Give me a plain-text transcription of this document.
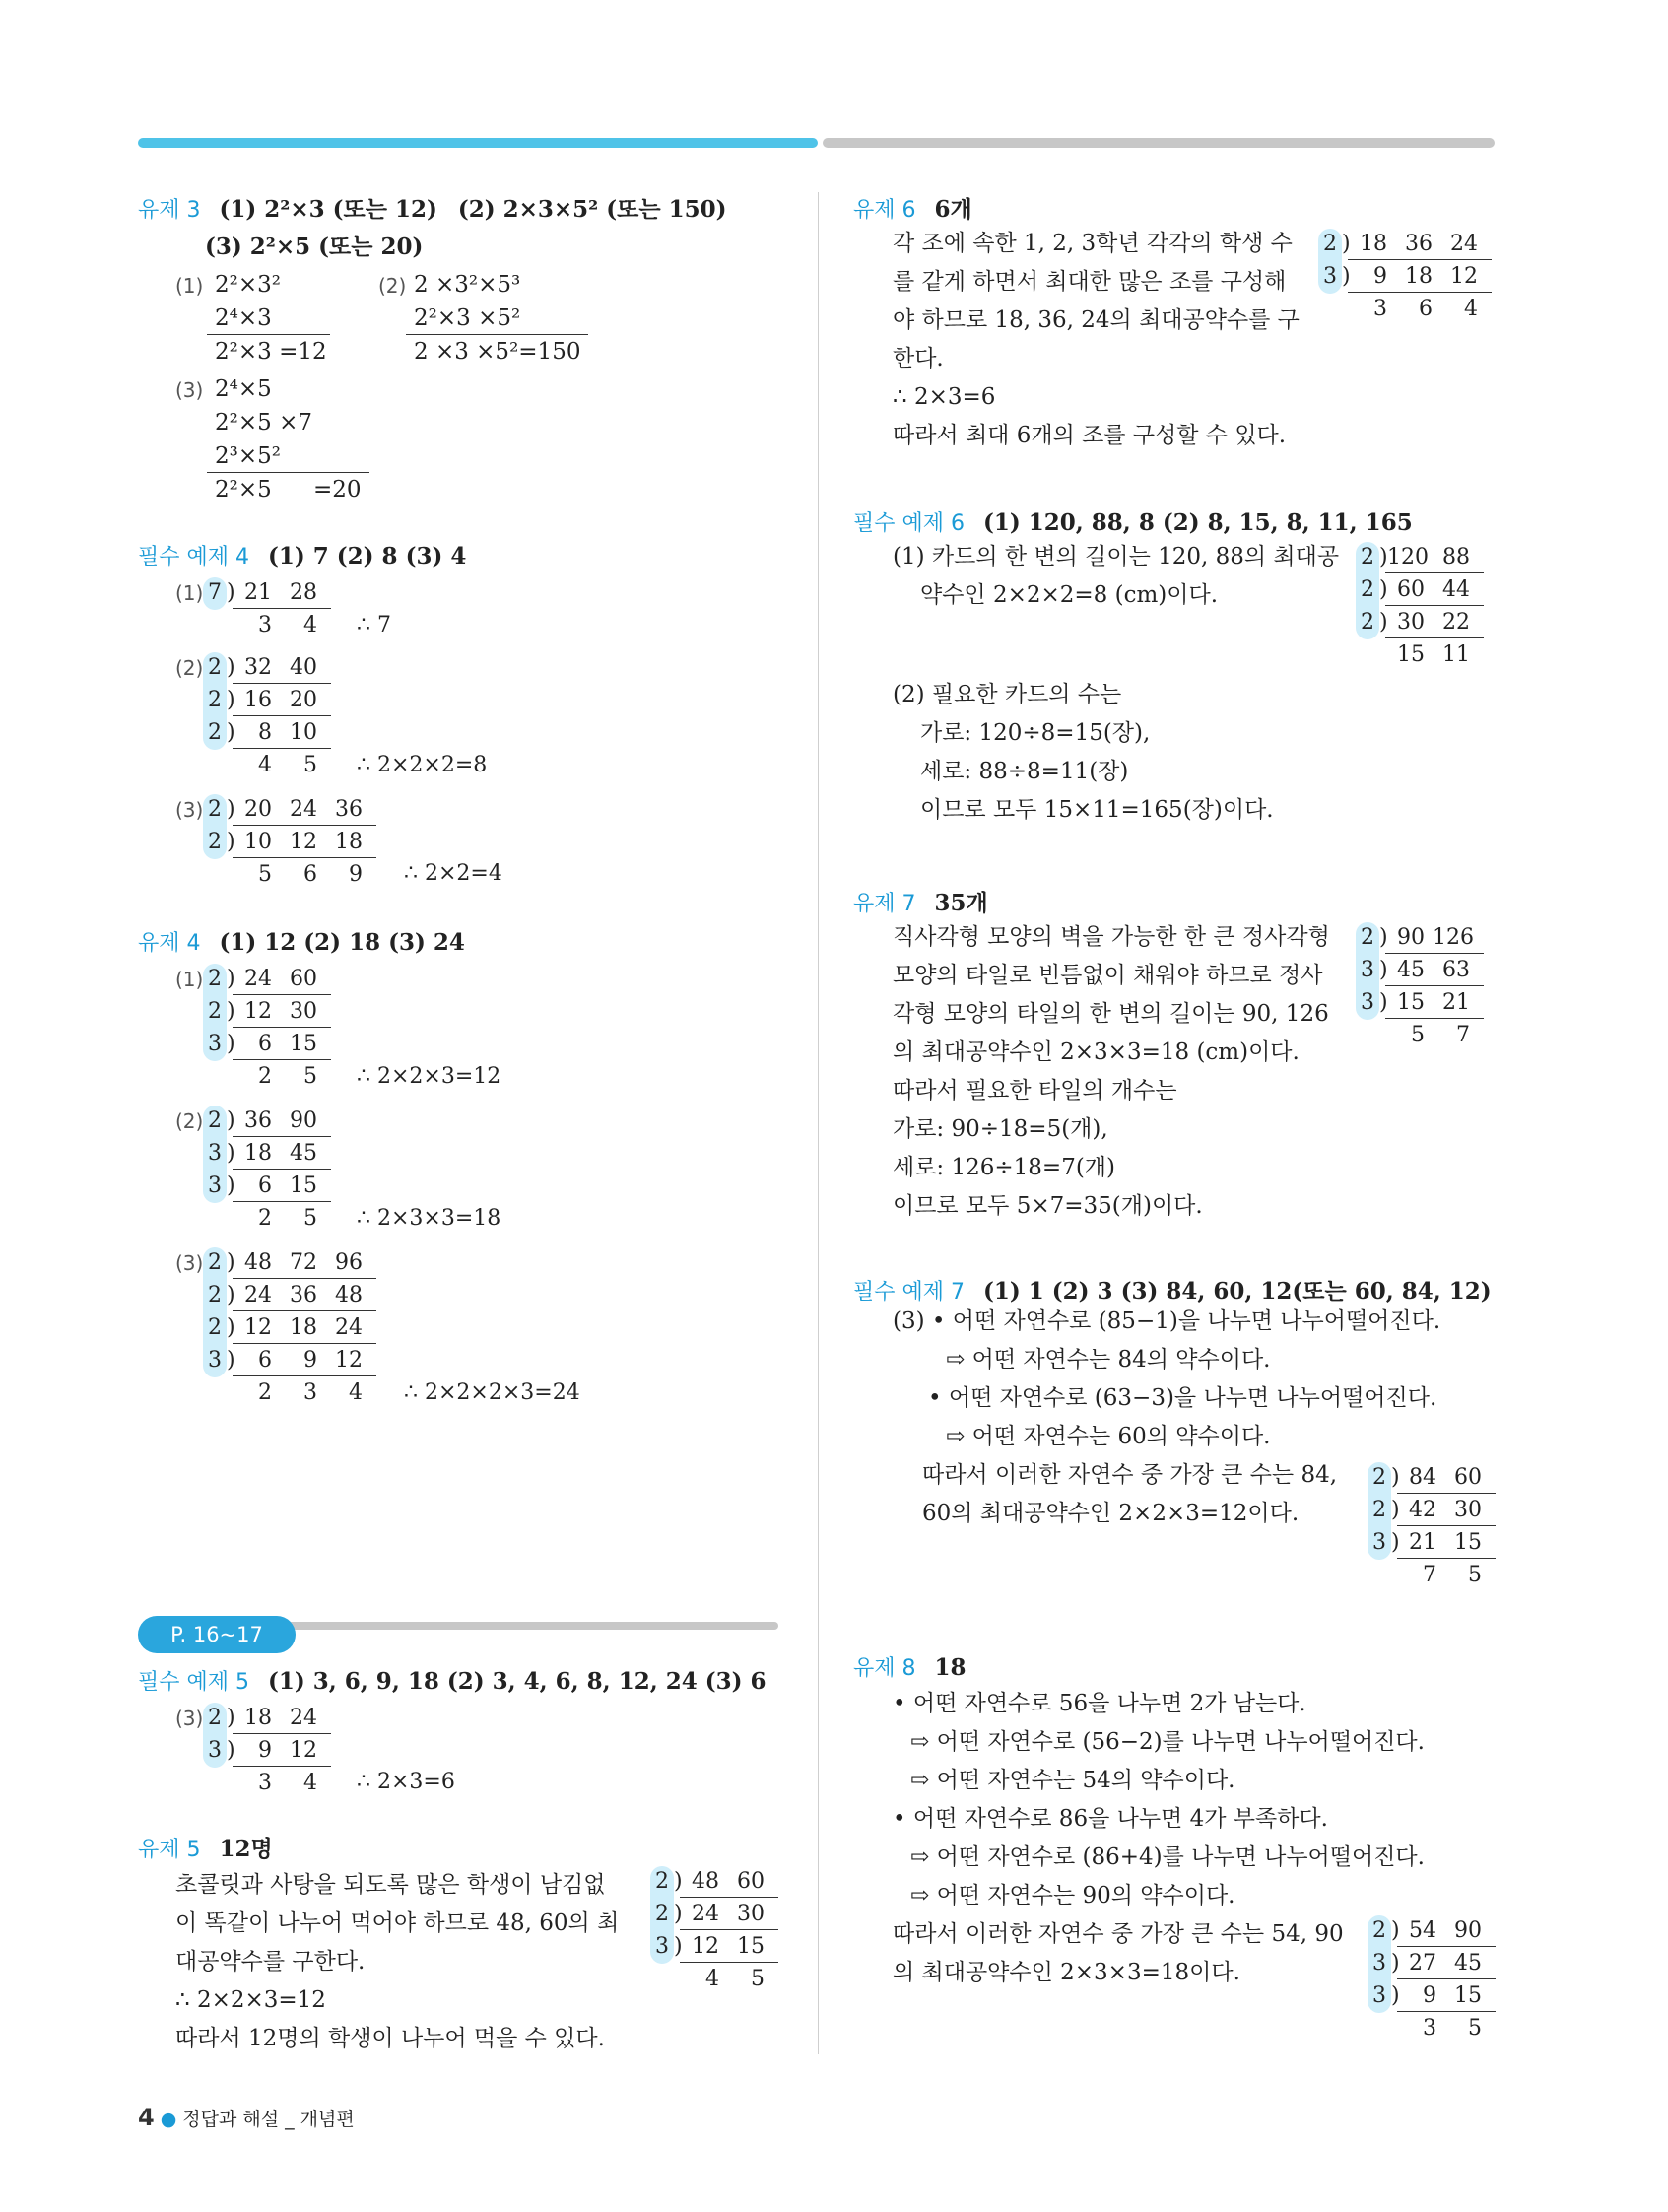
유제 3 (1) 2²×3 (또는 12) (2) 2×3×5² (또는 150)
(3) 2²×5 (또는 20)
(1) 2²×3²
2⁴×3
2²×3 =12
(2) 2 ×3²×5³
2²×3 ×5²
2 ×3 ×5²=150
(3) 2⁴×5
2²×5 ×7
2³×5²
2²×5 =20
필수 예제 4 (1) 7 (2) 8 (3) 4
(1) 7 ) 21 28
3	4 ∴ 7
(2) 2 ) 32 40
2 ) 16 20
2 )	8 10
4	5 ∴ 2×2×2=8
(3) 2 ) 20 24 36
2 ) 10 12 18
5	6	9 ∴ 2×2=4
유제 4 (1) 12 (2) 18 (3) 24
(1) 2 ) 24 60
2 ) 12 30
3 )	6 15
2	5 ∴ 2×2×3=12
(2) 2 ) 36 90
3 ) 18 45
3 )	6 15
2	5 ∴ 2×3×3=18
(3) 2 ) 48 72 96
2 ) 24 36 48
2 ) 12 18 24
3 )	6	9 12
2	3	4 ∴ 2×2×2×3=24
P. 16~17
필수 예제 5 (1) 3, 6, 9, 18 (2) 3, 4, 6, 8, 12, 24 (3) 6
(3) 2 ) 18 24
3 )	9 12
3	4 ∴ 2×3=6
유제 5 12명
초콜릿과 사탕을 되도록 많은 학생이 남김없
이 똑같이 나누어 먹어야 하므로 48, 60의 최
대공약수를 구한다.
∴ 2×2×3=12
따라서 12명의 학생이 나누어 먹을 수 있다.
2 ) 48 60
2 ) 24 30
3 ) 12 15
4	5
유제 6 6개
각 조에 속한 1, 2, 3학년 각각의 학생 수
를 같게 하면서 최대한 많은 조를 구성해
야 하므로 18, 36, 24의 최대공약수를 구
한다.
∴ 2×3=6
따라서 최대 6개의 조를 구성할 수 있다.
2 ) 18 36 24
3 )	9 18 12
3	6	4
필수 예제 6 (1) 120, 88, 8 (2) 8, 15, 8, 11, 165
(1) 카드의 한 변의 길이는 120, 88의 최대공
약수인 2×2×2=8 (cm)이다.
2 ) 120 88
2 ) 60 44
2 ) 30 22
15 11
(2) 필요한 카드의 수는
가로: 120÷8=15(장),
세로: 88÷8=11(장)
이므로 모두 15×11=165(장)이다.
유제 7 35개
직사각형 모양의 벽을 가능한 한 큰 정사각형
모양의 타일로 빈틈없이 채워야 하므로 정사
각형 모양의 타일의 한 변의 길이는 90, 126
의 최대공약수인 2×3×3=18 (cm)이다.
따라서 필요한 타일의 개수는
가로: 90÷18=5(개),
세로: 126÷18=7(개)
이므로 모두 5×7=35(개)이다.
2 ) 90 126
3 ) 45 63
3 ) 15 21
5	7
필수 예제 7 (1) 1 (2) 3 (3) 84, 60, 12(또는 60, 84, 12)
(3) • 어떤 자연수로 (85−1)을 나누면 나누어떨어진다.
⇨ 어떤 자연수는 84의 약수이다.
• 어떤 자연수로 (63−3)을 나누면 나누어떨어진다.
⇨ 어떤 자연수는 60의 약수이다.
따라서 이러한 자연수 중 가장 큰 수는 84,
60의 최대공약수인 2×2×3=12이다.
2 ) 84 60
2 ) 42 30
3 ) 21 15
7	5
유제 8 18
• 어떤 자연수로 56을 나누면 2가 남는다.
⇨ 어떤 자연수로 (56−2)를 나누면 나누어떨어진다.
⇨ 어떤 자연수는 54의 약수이다.
• 어떤 자연수로 86을 나누면 4가 부족하다.
⇨ 어떤 자연수로 (86+4)를 나누면 나누어떨어진다.
⇨ 어떤 자연수는 90의 약수이다.
따라서 이러한 자연수 중 가장 큰 수는 54, 90
의 최대공약수인 2×3×3=18이다.
2 ) 54 90
3 ) 27 45
3 )	9 15
3	5
4 ● 정답과 해설 _ 개념편
